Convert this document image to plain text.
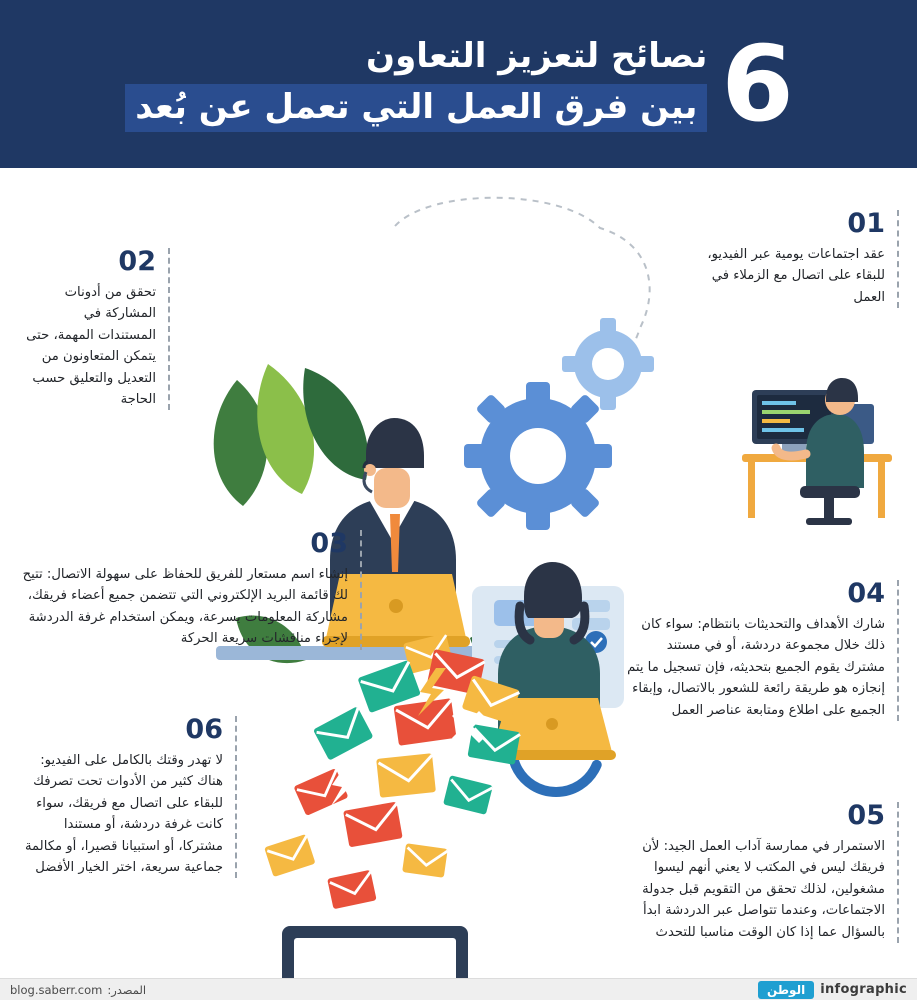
6
نصائح لتعزيز التعاون
بين فرق العمل التي تعمل عن بُعد
01
عقد اجتماعات يومية عبر الفيديو، للبقاء على اتصال مع الزملاء في العمل
02
تحقق من أدونات المشاركة في المستندات المهمة، حتى يتمكن المتعاونون من التعديل والتعليق حسب الحاجة
03
إنشاء اسم مستعار للفريق للحفاظ على سهولة الاتصال: تتيح لك قائمة البريد الإلكتروني التي تتضمن جميع أعضاء فريقك، مشاركة المعلومات بسرعة، ويمكن استخدام غرفة الدردشة لإجراء مناقشات سريعة الحركة
04
شارك الأهداف والتحديثات بانتظام: سواء كان ذلك خلال مجموعة دردشة، أو في مستند مشترك يقوم الجميع بتحديثه، فإن تسجيل ما يتم إنجازه هو طريقة رائعة للشعور بالاتصال، وإبقاء الجميع على اطلاع ومتابعة عناصر العمل
05
الاستمرار في ممارسة آداب العمل الجيد: لأن فريقك ليس في المكتب لا يعني أنهم ليسوا مشغولين، لذلك تحقق من التقويم قبل جدولة الاجتماعات، وعندما تتواصل عبر الدردشة ابدأ بالسؤال عما إذا كان الوقت مناسبا للتحدث
06
لا تهدر وقتك بالكامل على الفيديو: هناك كثير من الأدوات تحت تصرفك للبقاء على اتصال مع فريقك، سواء كانت غرفة دردشة، أو مستندا مشتركا، أو استبيانا قصيرا، أو مكالمة جماعية سريعة، اختر الخيار الأفضل
الوطن	infographic
المصدر:
blog.saberr.com
